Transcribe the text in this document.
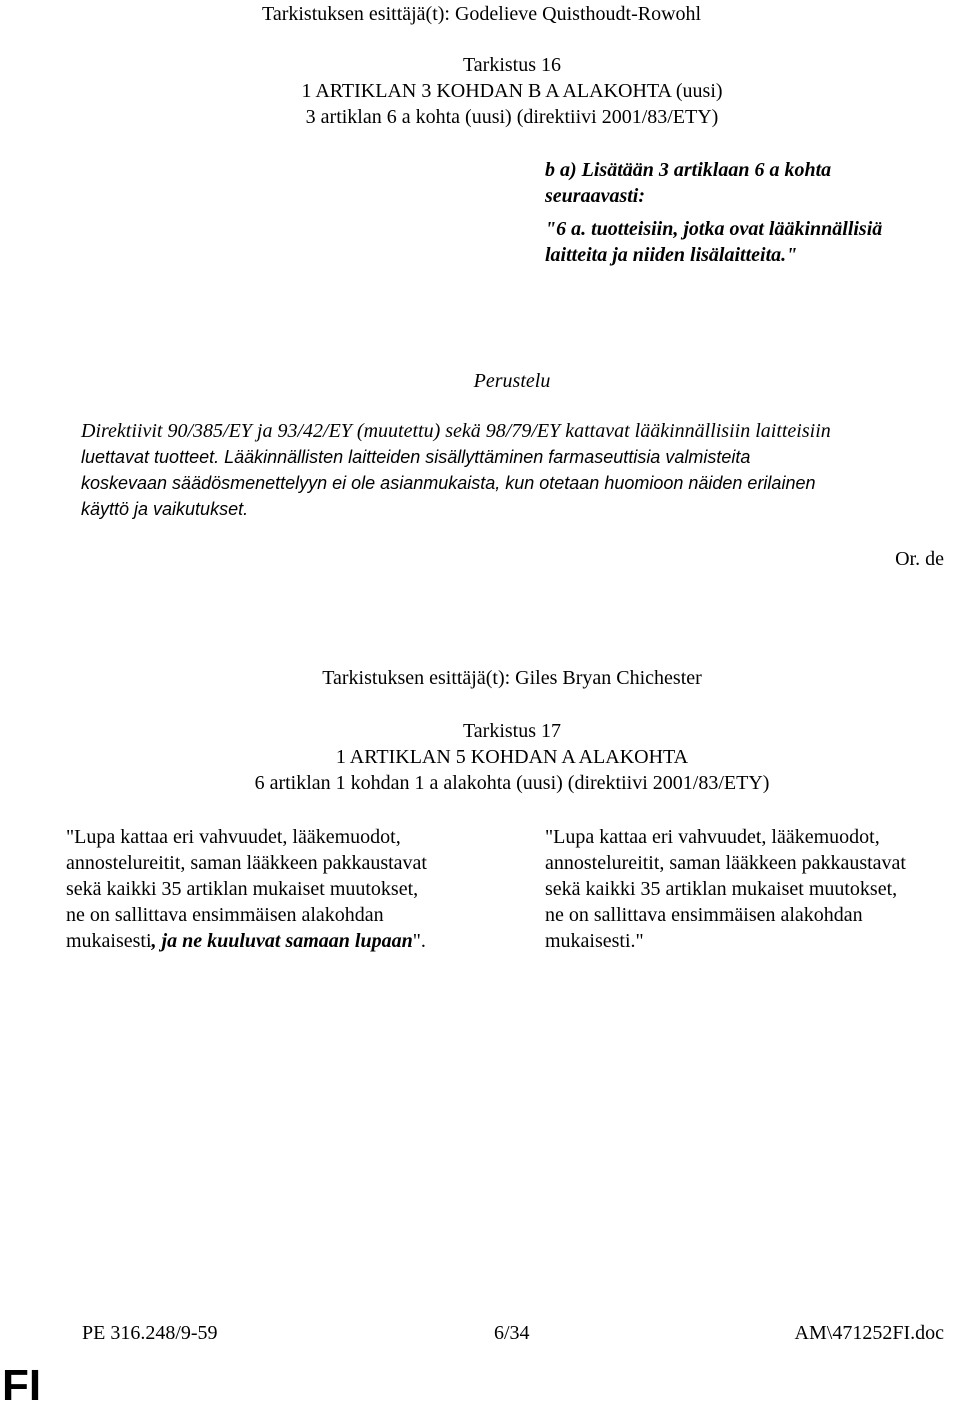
Tarkistuksen esittäjä(t): Godelieve Quisthoudt-Rowohl
Tarkistus 16
1 ARTIKLAN 3 KOHDAN B A ALAKOHTA (uusi)
3 artiklan 6 a kohta (uusi) (direktiivi 2001/83/ETY)
b a) Lisätään 3 artiklaan 6 a kohta
seuraavasti:
"6 a. tuotteisiin, jotka ovat lääkinnällisiä
laitteita ja niiden lisälaitteita."
Perustelu
Direktiivit 90/385/EY ja 93/42/EY (muutettu) sekä 98/79/EY kattavat lääkinnällisiin laitteisiin
luettavat tuotteet. Lääkinnällisten laitteiden sisällyttäminen farmaseuttisia valmisteita
koskevaan säädösmenettelyyn ei ole asianmukaista, kun otetaan huomioon näiden erilainen
käyttö ja vaikutukset.
Or. de
Tarkistuksen esittäjä(t): Giles Bryan Chichester
Tarkistus 17
1 ARTIKLAN 5 KOHDAN A ALAKOHTA
6 artiklan 1 kohdan 1 a alakohta (uusi) (direktiivi 2001/83/ETY)
"Lupa kattaa eri vahvuudet, lääkemuodot,
annostelureitit, saman lääkkeen pakkaustavat
sekä kaikki 35 artiklan mukaiset muutokset,
ne on sallittava ensimmäisen alakohdan
mukaisesti, ja ne kuuluvat samaan lupaan".
"Lupa kattaa eri vahvuudet, lääkemuodot,
annostelureitit, saman lääkkeen pakkaustavat
sekä kaikki 35 artiklan mukaiset muutokset,
ne on sallittava ensimmäisen alakohdan
mukaisesti."
PE 316.248/9-59	6/34	AM\471252FI.doc
FI
